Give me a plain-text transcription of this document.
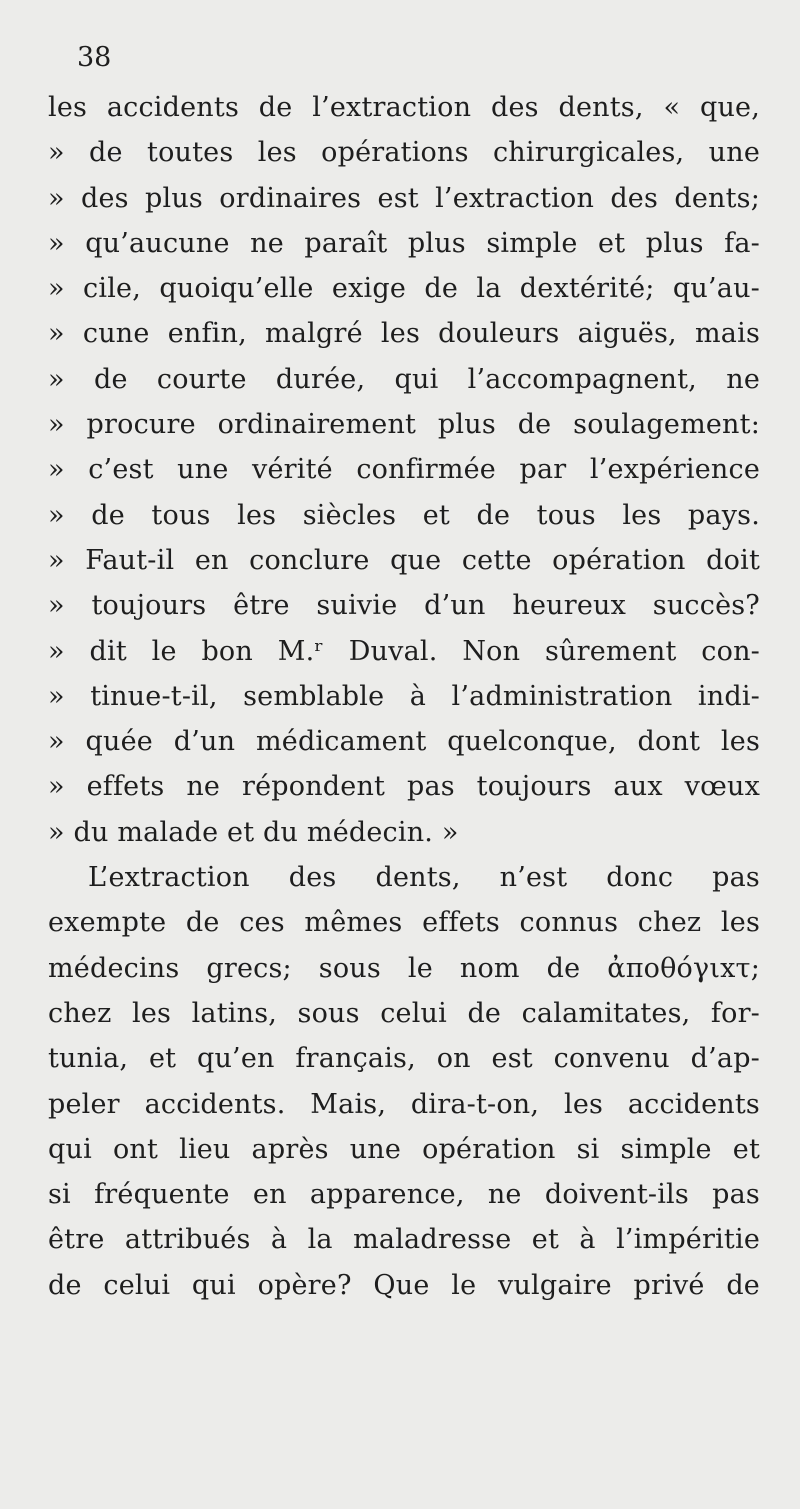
38
les accidents de l’extraction des dents, « que,
» de toutes les opérations chirurgicales, une
» des plus ordinaires est l’extraction des dents;
» qu’aucune ne paraît plus simple et plus fa-
» cile, quoiqu’elle exige de la dextérité; qu’au-
» cune enfin, malgré les douleurs aiguës, mais
» de courte durée, qui l’accompagnent, ne
» procure ordinairement plus de soulagement:
» c’est une vérité confirmée par l’expérience
» de tous les siècles et de tous les pays.
» Faut-il en conclure que cette opération doit
» toujours être suivie d’un heureux succès?
» dit le bon M.ʳ Duval. Non sûrement con-
» tinue-t-il, semblable à l’administration indi-
» quée d’un médicament quelconque, dont les
» effets ne répondent pas toujours aux vœux
» du malade et du médecin. »
L’extraction des dents, n’est donc pas
exempte de ces mêmes effets connus chez les
médecins grecs; sous le nom de ἀποθόγιxτ;
chez les latins, sous celui de calamitates, for-
tunia, et qu’en français, on est convenu d’ap-
peler accidents. Mais, dira-t-on, les accidents
qui ont lieu après une opération si simple et
si fréquente en apparence, ne doivent-ils pas
être attribués à la maladresse et à l’impéritie
de celui qui opère? Que le vulgaire privé de
